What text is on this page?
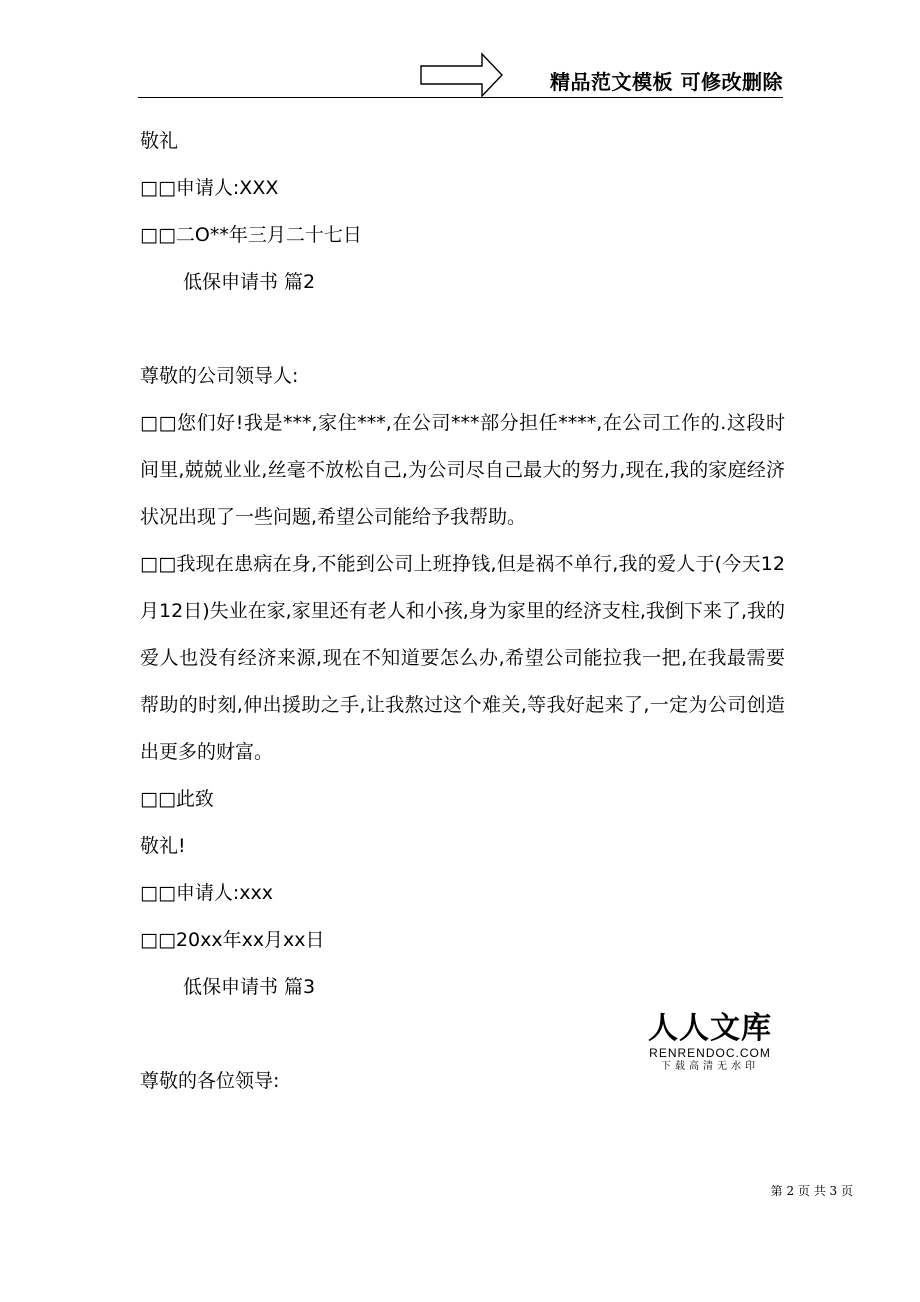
精品范文模板 可修改删除
敬礼
□□申请人:XXX
□□二O**年三月二十七日
低保申请书 篇2
尊敬的公司领导人:
□□您们好!我是***,家住***,在公司***部分担任****,在公司工作的.这段时间里,兢兢业业,丝毫不放松自己,为公司尽自己最大的努力,现在,我的家庭经济状况出现了一些问题,希望公司能给予我帮助。
□□我现在患病在身,不能到公司上班挣钱,但是祸不单行,我的爱人于(今天12月12日)失业在家,家里还有老人和小孩,身为家里的经济支柱,我倒下来了,我的爱人也没有经济来源,现在不知道要怎么办,希望公司能拉我一把,在我最需要帮助的时刻,伸出援助之手,让我熬过这个难关,等我好起来了,一定为公司创造出更多的财富。
□□此致
敬礼!
□□申请人:xxx
□□20xx年xx月xx日
低保申请书 篇3
尊敬的各位领导:
人人文库
RENRENDOC.COM
下载高清无水印
第 2 页 共 3 页
